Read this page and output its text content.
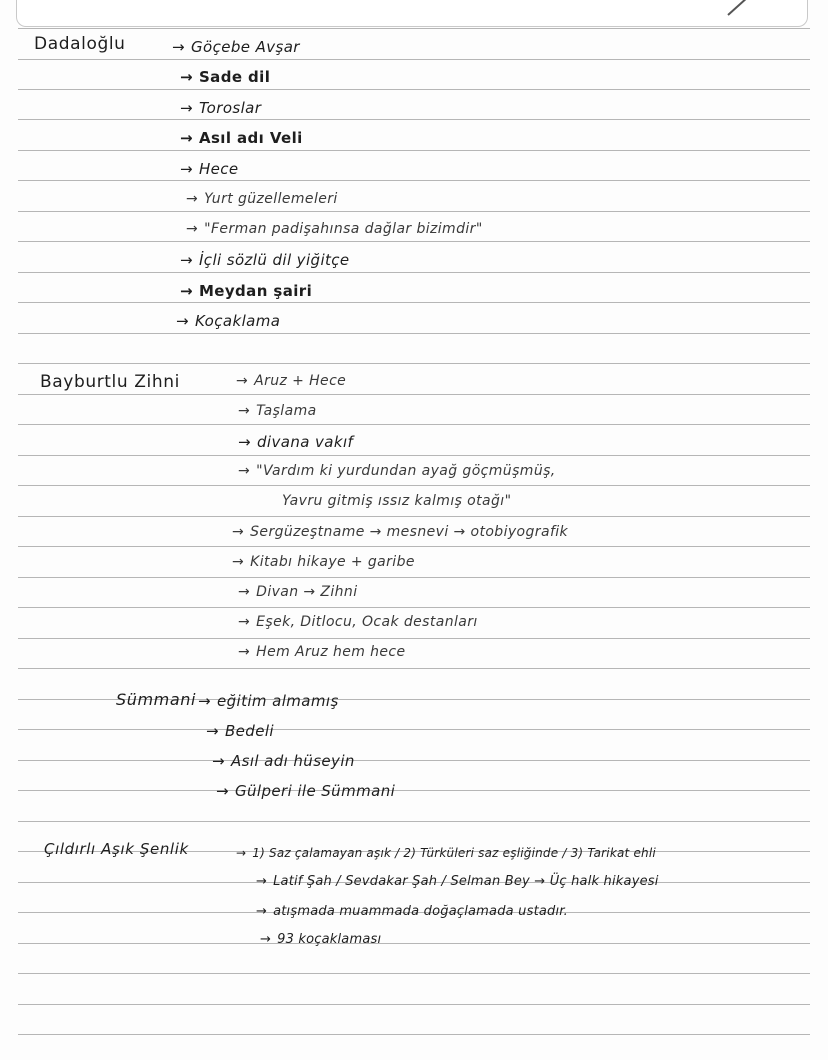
Dadaloğlu	→ Göçebe Avşar
→ Sade dil
→ Toroslar
→ Asıl adı Veli
→ Hece
→ Yurt güzellemeleri
→ "Ferman padişahınsa dağlar bizimdir"
→ İçli sözlü dil yiğitçe
→ Meydan şairi
→ Koçaklama
Bayburtlu Zihni	→ Aruz + Hece
→ Taşlama
→ divana vakıf
→ "Vardım ki yurdundan ayağ göçmüşmüş,
Yavru gitmiş ıssız kalmış otağı"
→ Sergüzeştname → mesnevi → otobiyografik
→ Kitabı hikaye + garibe
→ Divan → Zihni
→ Eşek, Ditlocu, Ocak destanları
→ Hem Aruz hem hece
Sümmani → eğitim almamış
→ Bedeli
→ Asıl adı hüseyin
→ Gülperi ile Sümmani
Çıldırlı Aşık Şenlik	→ 1) Saz çalamayan aşık / 2) Türküleri saz eşliğinde / 3) Tarikat ehli
→ Latif Şah / Sevdakar Şah / Selman Bey → Üç halk hikayesi
→ atışmada muammada doğaçlamada ustadır.
→ 93 koçaklaması
